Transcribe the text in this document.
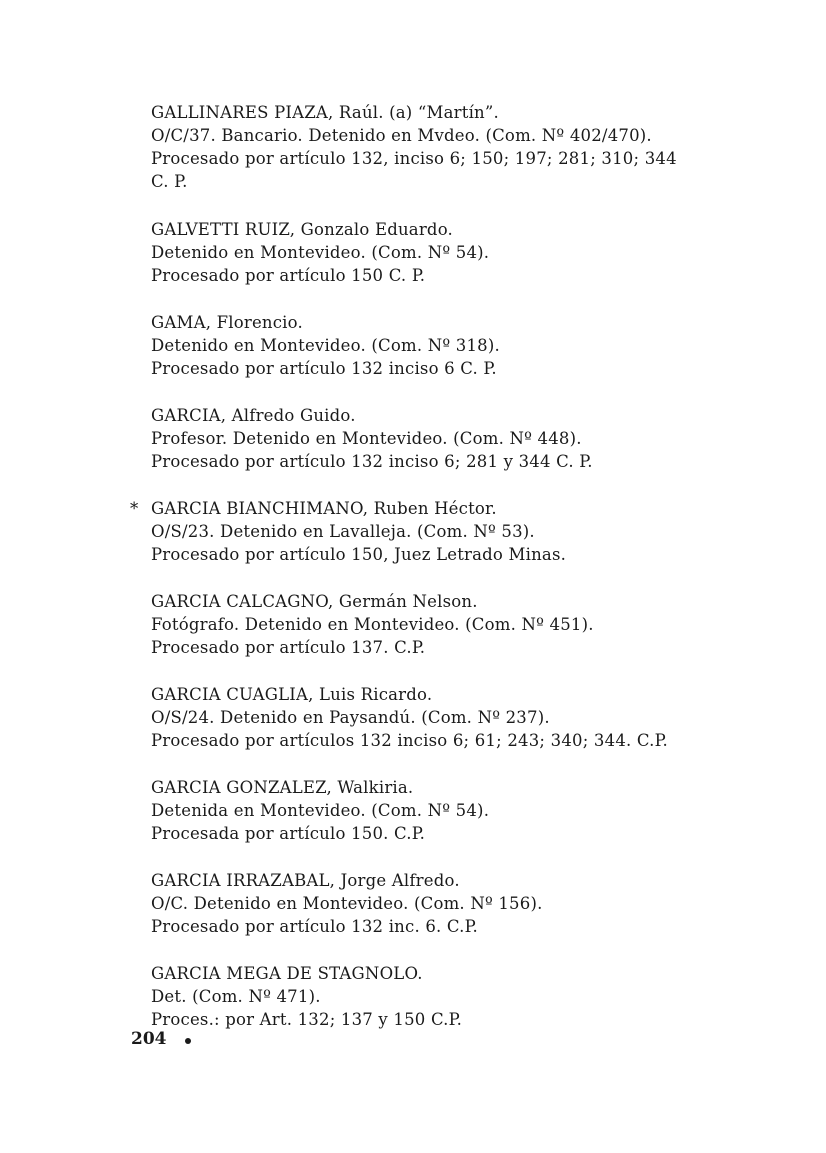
GALLINARES PIAZA, Raúl. (a) “Martín”.
O/C/37. Bancario. Detenido en Mvdeo. (Com. Nº 402/470).
Procesado por artículo 132, inciso 6; 150; 197; 281; 310; 344
C. P.
GALVETTI RUIZ, Gonzalo Eduardo.
Detenido en Montevideo. (Com. Nº 54).
Procesado por artículo 150 C. P.
GAMA, Florencio.
Detenido en Montevideo. (Com. Nº 318).
Procesado por artículo 132 inciso 6 C. P.
GARCIA, Alfredo Guido.
Profesor. Detenido en Montevideo. (Com. Nº 448).
Procesado por artículo 132 inciso 6; 281 y 344 C. P.
* GARCIA BIANCHIMANO, Ruben Héctor.
O/S/23. Detenido en Lavalleja. (Com. Nº 53).
Procesado por artículo 150, Juez Letrado Minas.
GARCIA CALCAGNO, Germán Nelson.
Fotógrafo. Detenido en Montevideo. (Com. Nº 451).
Procesado por artículo 137. C.P.
GARCIA CUAGLIA, Luis Ricardo.
O/S/24. Detenido en Paysandú. (Com. Nº 237).
Procesado por artículos 132 inciso 6; 61; 243; 340; 344. C.P.
GARCIA GONZALEZ, Walkiria.
Detenida en Montevideo. (Com. Nº 54).
Procesada por artículo 150. C.P.
GARCIA IRRAZABAL, Jorge Alfredo.
O/C. Detenido en Montevideo. (Com. Nº 156).
Procesado por artículo 132 inc. 6. C.P.
GARCIA MEGA DE STAGNOLO.
Det. (Com. Nº 471).
Proces.: por Art. 132; 137 y 150 C.P.
204
